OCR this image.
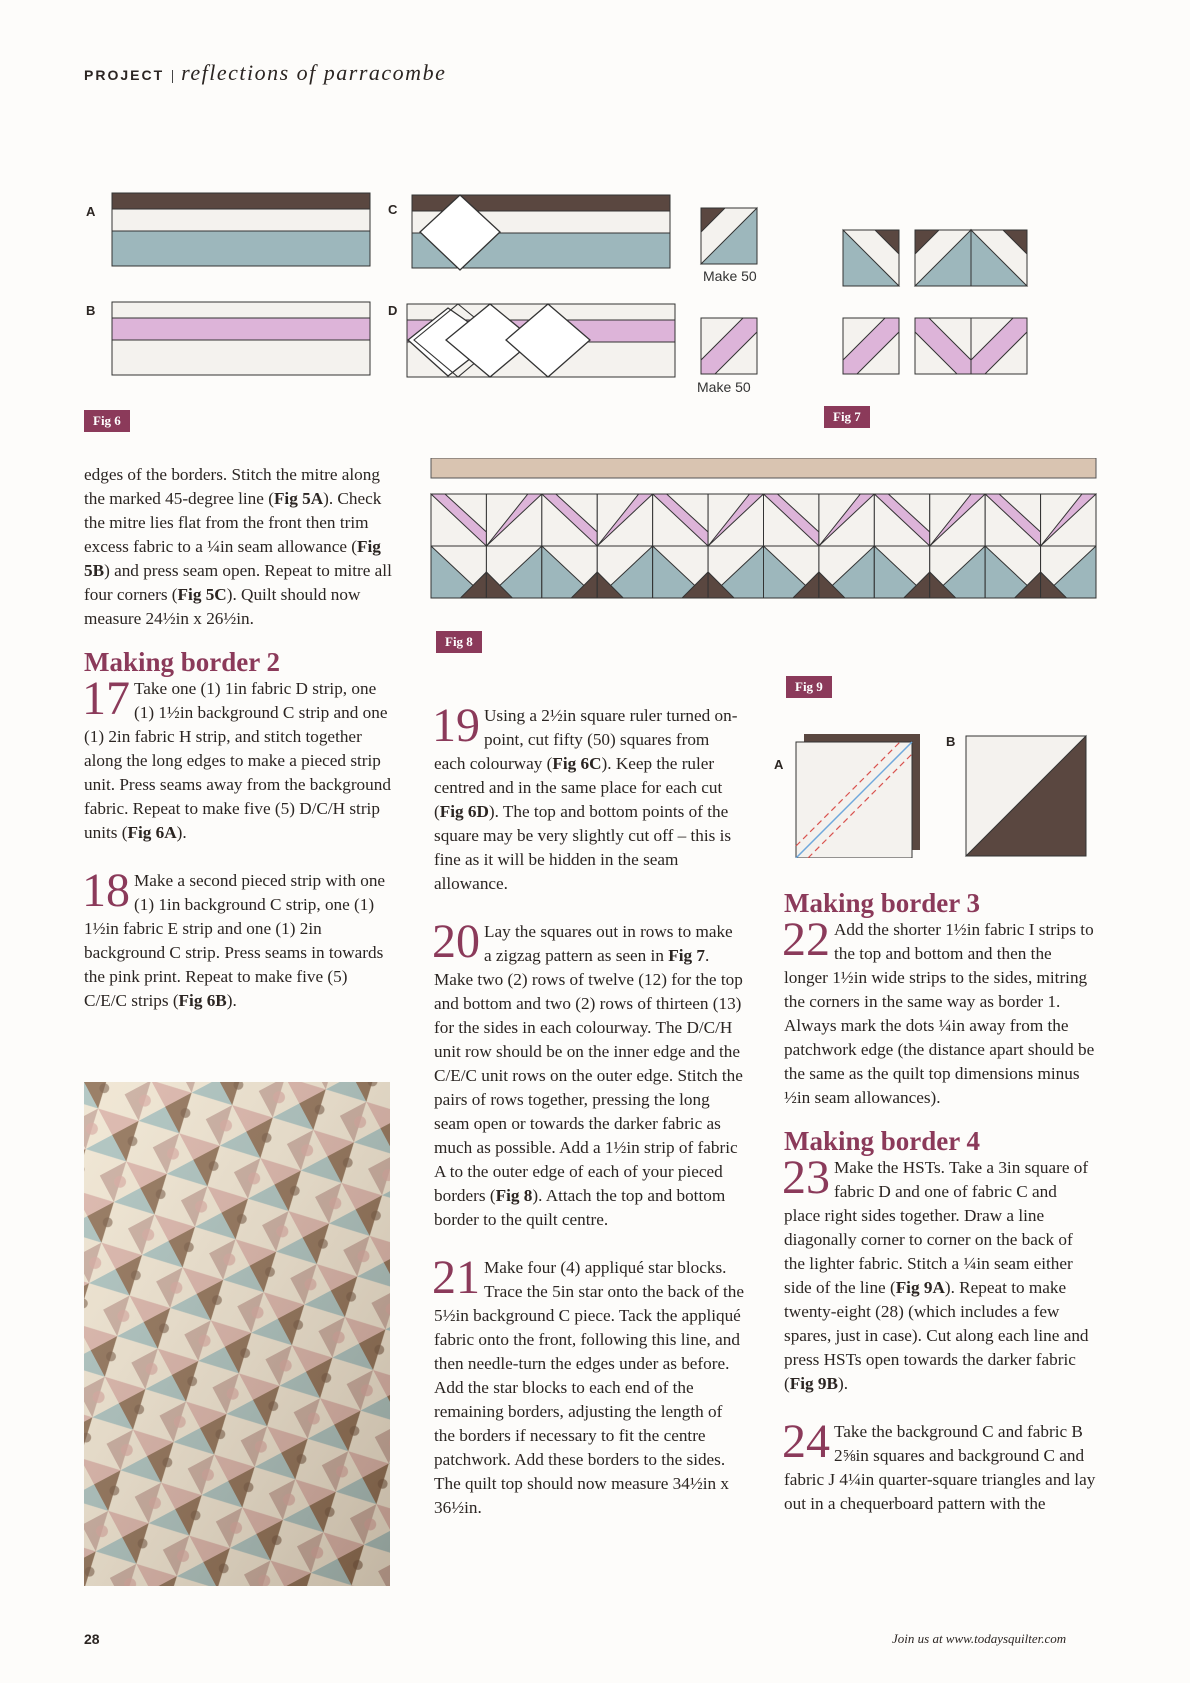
PROJECT reflections of parracombe
A
B
C
D
Fig 6
Make 50
Make 50
Fig 7
Fig 8
Fig 9
A
B

edges of the borders. Stitch the mitre along the marked 45-degree line (Fig 5A). Check the mitre lies flat from the front then trim excess fabric to a ¼in seam allowance (Fig 5B) and press seam open. Repeat to mitre all four corners (Fig 5C). Quilt should now measure 24½in x 26½in.

Making border 2
17 Take one (1) 1in fabric D strip, one (1) 1½in background C strip and one (1) 2in fabric H strip, and stitch together along the long edges to make a pieced strip unit. Press seams away from the background fabric. Repeat to make five (5) D/C/H strip units (Fig 6A).
18 Make a second pieced strip with one (1) 1in background C strip, one (1) 1½in fabric E strip and one (1) 2in background C strip. Press seams in towards the pink print. Repeat to make five (5) C/E/C strips (Fig 6B).
19 Using a 2½in square ruler turned on-point, cut fifty (50) squares from each colourway (Fig 6C). Keep the ruler centred and in the same place for each cut (Fig 6D). The top and bottom points of the square may be very slightly cut off – this is fine as it will be hidden in the seam allowance.
20 Lay the squares out in rows to make a zigzag pattern as seen in Fig 7. Make two (2) rows of twelve (12) for the top and bottom and two (2) rows of thirteen (13) for the sides in each colourway. The D/C/H unit row should be on the inner edge and the C/E/C unit rows on the outer edge. Stitch the pairs of rows together, pressing the long seam open or towards the darker fabric as much as possible. Add a 1½in strip of fabric A to the outer edge of each of your pieced borders (Fig 8). Attach the top and bottom border to the quilt centre.
21 Make four (4) appliqué star blocks. Trace the 5in star onto the back of the 5½in background C piece. Tack the appliqué fabric onto the front, following this line, and then needle-turn the edges under as before. Add the star blocks to each end of the remaining borders, adjusting the length of the borders if necessary to fit the centre patchwork. Add these borders to the sides. The quilt top should now measure 34½in x 36½in.
Making border 3
22 Add the shorter 1½in fabric I strips to the top and bottom and then the longer 1½in wide strips to the sides, mitring the corners in the same way as border 1. Always mark the dots ¼in away from the patchwork edge (the distance apart should be the same as the quilt top dimensions minus ½in seam allowances).
Making border 4
23 Make the HSTs. Take a 3in square of fabric D and one of fabric C and place right sides together. Draw a line diagonally corner to corner on the back of the lighter fabric. Stitch a ¼in seam either side of the line (Fig 9A). Repeat to make twenty-eight (28) (which includes a few spares, just in case). Cut along each line and press HSTs open towards the darker fabric (Fig 9B).
24 Take the background C and fabric B 2⅝in squares and background C and fabric J 4¼in quarter-square triangles and lay out in a chequerboard pattern with the
28	Join us at www.todaysquilter.com
